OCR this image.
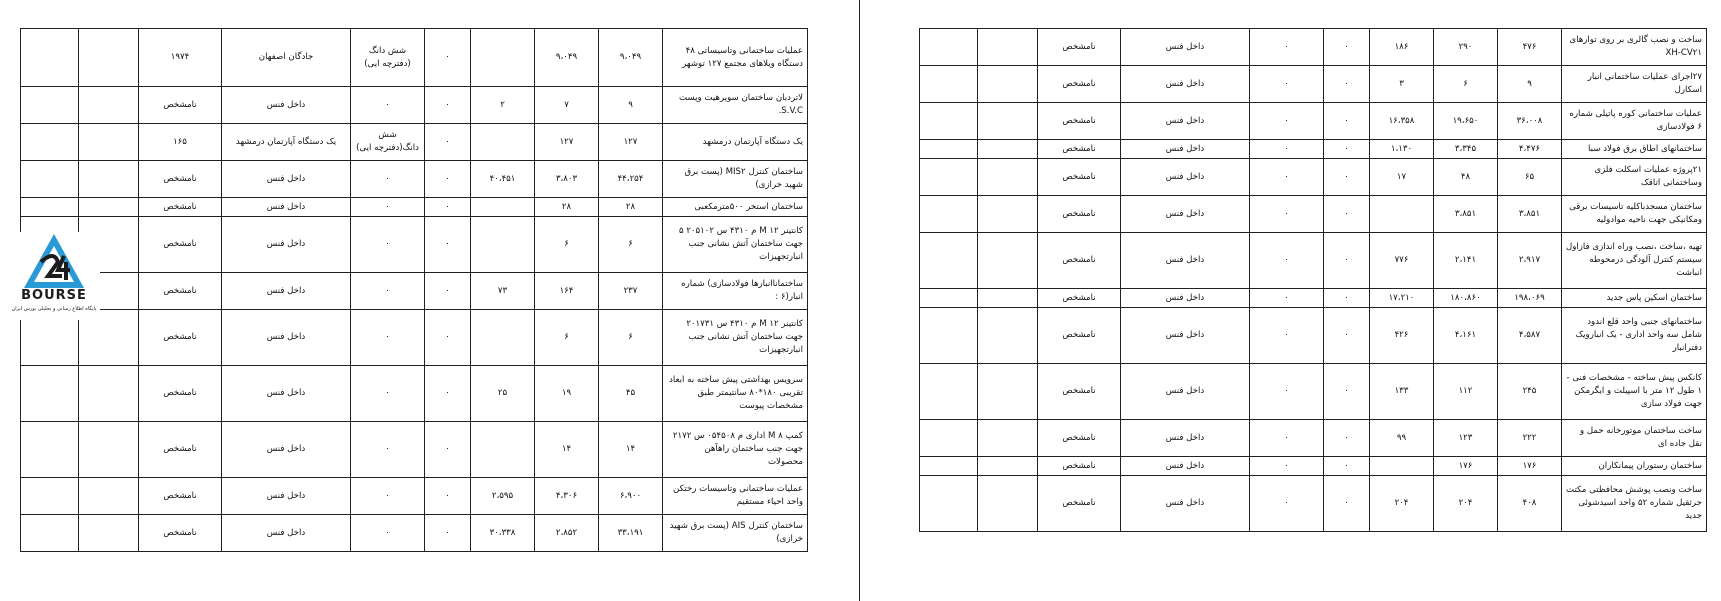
عملیات ساختمانی وتاسیساتی ۴۸ دستگاه ویلاهای مجتمع ۱۲۷ توشهر	۹،۰۴۹	۹،۰۴۹		۰	شش دانگ (دفترچه ایی)	جادگان اصفهان	۱۹۷۴		
لاتردبان ساختمان سویرهیت وپست S.V.C.	۹	۷	۲	۰	۰	داخل فنس	نامشخص		
یک دستگاه آپارتمان درمشهد	۱۲۷	۱۲۷		۰	شش دانگ(دفترچه ایی)	یک دستگاه آپارتمان درمشهد	۱۶۵		
ساختمان کنترل MIS۲ (پست برق شهید خرازی)	۴۴،۲۵۴	۳،۸۰۳	۴۰،۴۵۱	۰	۰	داخل فنس	نامشخص		
ساختمان استخر ۵۰۰مترمکعبی	۲۸	۲۸		۰	۰	داخل فنس	نامشخص		
کانتینر ۱۲ M م ۴۳۱۰ س ۲۰۵۱۰۲ ۵ جهت ساختمان آتش نشانی جنب انبارتجهیزات	۶	۶		۰	۰	داخل فنس	نامشخص		
ساختماناانبارها فولادسازی) شماره انبار(۶ :	۲۳۷	۱۶۴	۷۳	۰	۰	داخل فنس	نامشخص		
کانتینر ۱۲ M م ۴۳۱۰ س ۲۰۱۷۳۱ جهت ساختمان آتش نشانی جنب انبارتجهیزات	۶	۶		۰	۰	داخل فنس	نامشخص		
سرویس بهداشتی پیش ساخته به ابعاد تقریبی ۱۸۰*۸۰ سانتیمتر طبق مشخصات پیوست	۴۵	۱۹	۲۵	۰	۰	داخل فنس	نامشخص		
کمپ ۸ M اداری م ۰۵۴۵۰۸ س ۲۱۷۲ جهت جنب ساختمان راهآهن محصولات	۱۴	۱۴		۰	۰	داخل فنس	نامشخص		
عملیات ساختمانی وتاسیسات رختکن واحد احیاء مستقیم	۶،۹۰۰	۴،۳۰۶	۲،۵۹۵	۰	۰	داخل فنس	نامشخص		
ساختمان کنترل AIS (پست برق شهید خرازی)	۳۳،۱۹۱	۲،۸۵۲	۳۰،۳۳۸	۰	۰	داخل فنس	نامشخص		
ساخت و نصب گالری بر روی توارهای XH-CV۲۱	۴۷۶	۲۹۰	۱۸۶	۰	۰	داخل فنس	نامشخص		
۲۷اجرای عملیات ساختمانی انبار اسکارل	۹	۶	۳	۰	۰	داخل فنس	نامشخص		
عملیات ساختمانی کوره پاتیلی شماره ۶ فولادسازی	۳۶،۰۰۸	۱۹،۶۵۰	۱۶،۳۵۸	۰	۰	داخل فنس	نامشخص		
ساختمانهای اطاق برق فولاد سبا	۴،۴۷۶	۳،۳۴۵	۱،۱۳۰	۰	۰	داخل فنس	نامشخص		
۲۱پروژه عملیات اسکلت فلزی وساختمانی اتاقک	۶۵	۴۸	۱۷	۰	۰	داخل فنس	نامشخص		
ساختمان مسجدباکلیه تاسیسات برقی ومکانیکی جهت ناحیه موادولیه	۳،۸۵۱	۳،۸۵۱		۰	۰	داخل فنس	نامشخص		
تهیه ،ساخت ،نصب وراه اندازی فازاول سیستم کنترل آلودگی درمحوطه انباشت	۲،۹۱۷	۲،۱۴۱	۷۷۶	۰	۰	داخل فنس	نامشخص		
ساختمان اسکین پاس جدید	۱۹۸،۰۶۹	۱۸۰،۸۶۰	۱۷،۲۱۰	۰	۰	داخل فنس	نامشخص		
ساختمانهای جنبی واحد قلع اندود شامل سه واحد اداری - یک انبارویک دفترانبار	۴،۵۸۷	۴،۱۶۱	۴۲۶	۰	۰	داخل فنس	نامشخص		
کانکس پیش ساخته - مشخصات فنی - ۱ طول ۱۲ متر با اسپیلت و ایگرمکن جهت فولاد سازی	۲۴۵	۱۱۲	۱۳۳	۰	۰	داخل فنس	نامشخص		
ساخت ساختمان موتورخانه حمل و نقل جاده ای	۲۲۲	۱۲۳	۹۹	۰	۰	داخل فنس	نامشخص		
ساختمان رستوران پیمانکاران	۱۷۶	۱۷۶		۰	۰	داخل فنس	نامشخص		
ساخت ونصب پوشش محافظتی مکتت جرثقیل شماره ۵۲ واحد اسیدشوئی جدید	۴۰۸	۲۰۴	۲۰۴	۰	۰	داخل فنس	نامشخص		
BOURSE
پایگاه اطلاع رسانی و تحلیلی بورس ایران
